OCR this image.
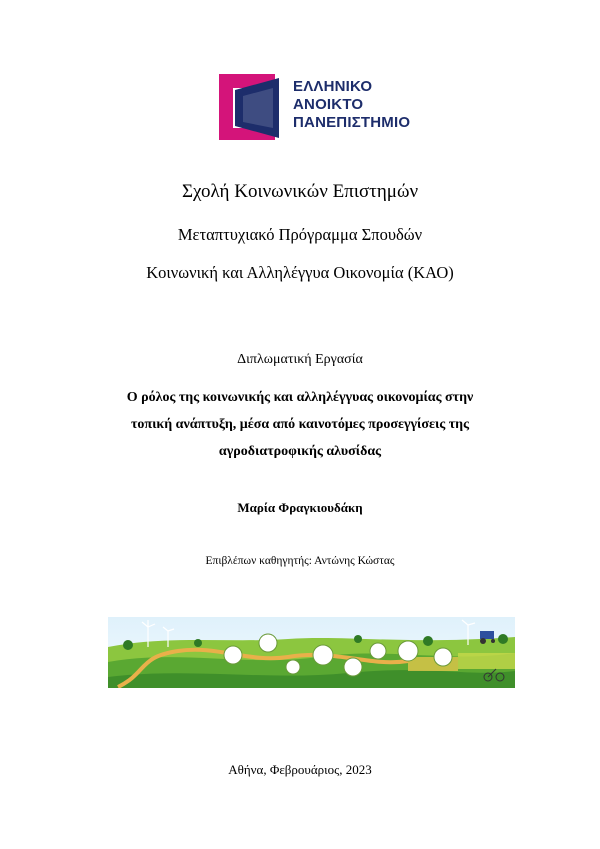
ΕΛΛΗΝΙΚΟ
ΑΝΟΙΚΤΟ
ΠΑΝΕΠΙΣΤΗΜΙΟ
Σχολή Κοινωνικών Επιστημών
Μεταπτυχιακό Πρόγραμμα Σπουδών
Κοινωνική και Αλληλέγγυα Οικονομία (ΚΑΟ)
Διπλωματική Εργασία
Ο ρόλος της κοινωνικής και αλληλέγγυας οικονομίας στην
τοπική ανάπτυξη, μέσα από καινοτόμες προσεγγίσεις της
αγροδιατροφικής αλυσίδας
Μαρία Φραγκιουδάκη
Επιβλέπων καθηγητής: Αντώνης Κώστας
Αθήνα, Φεβρουάριος, 2023
